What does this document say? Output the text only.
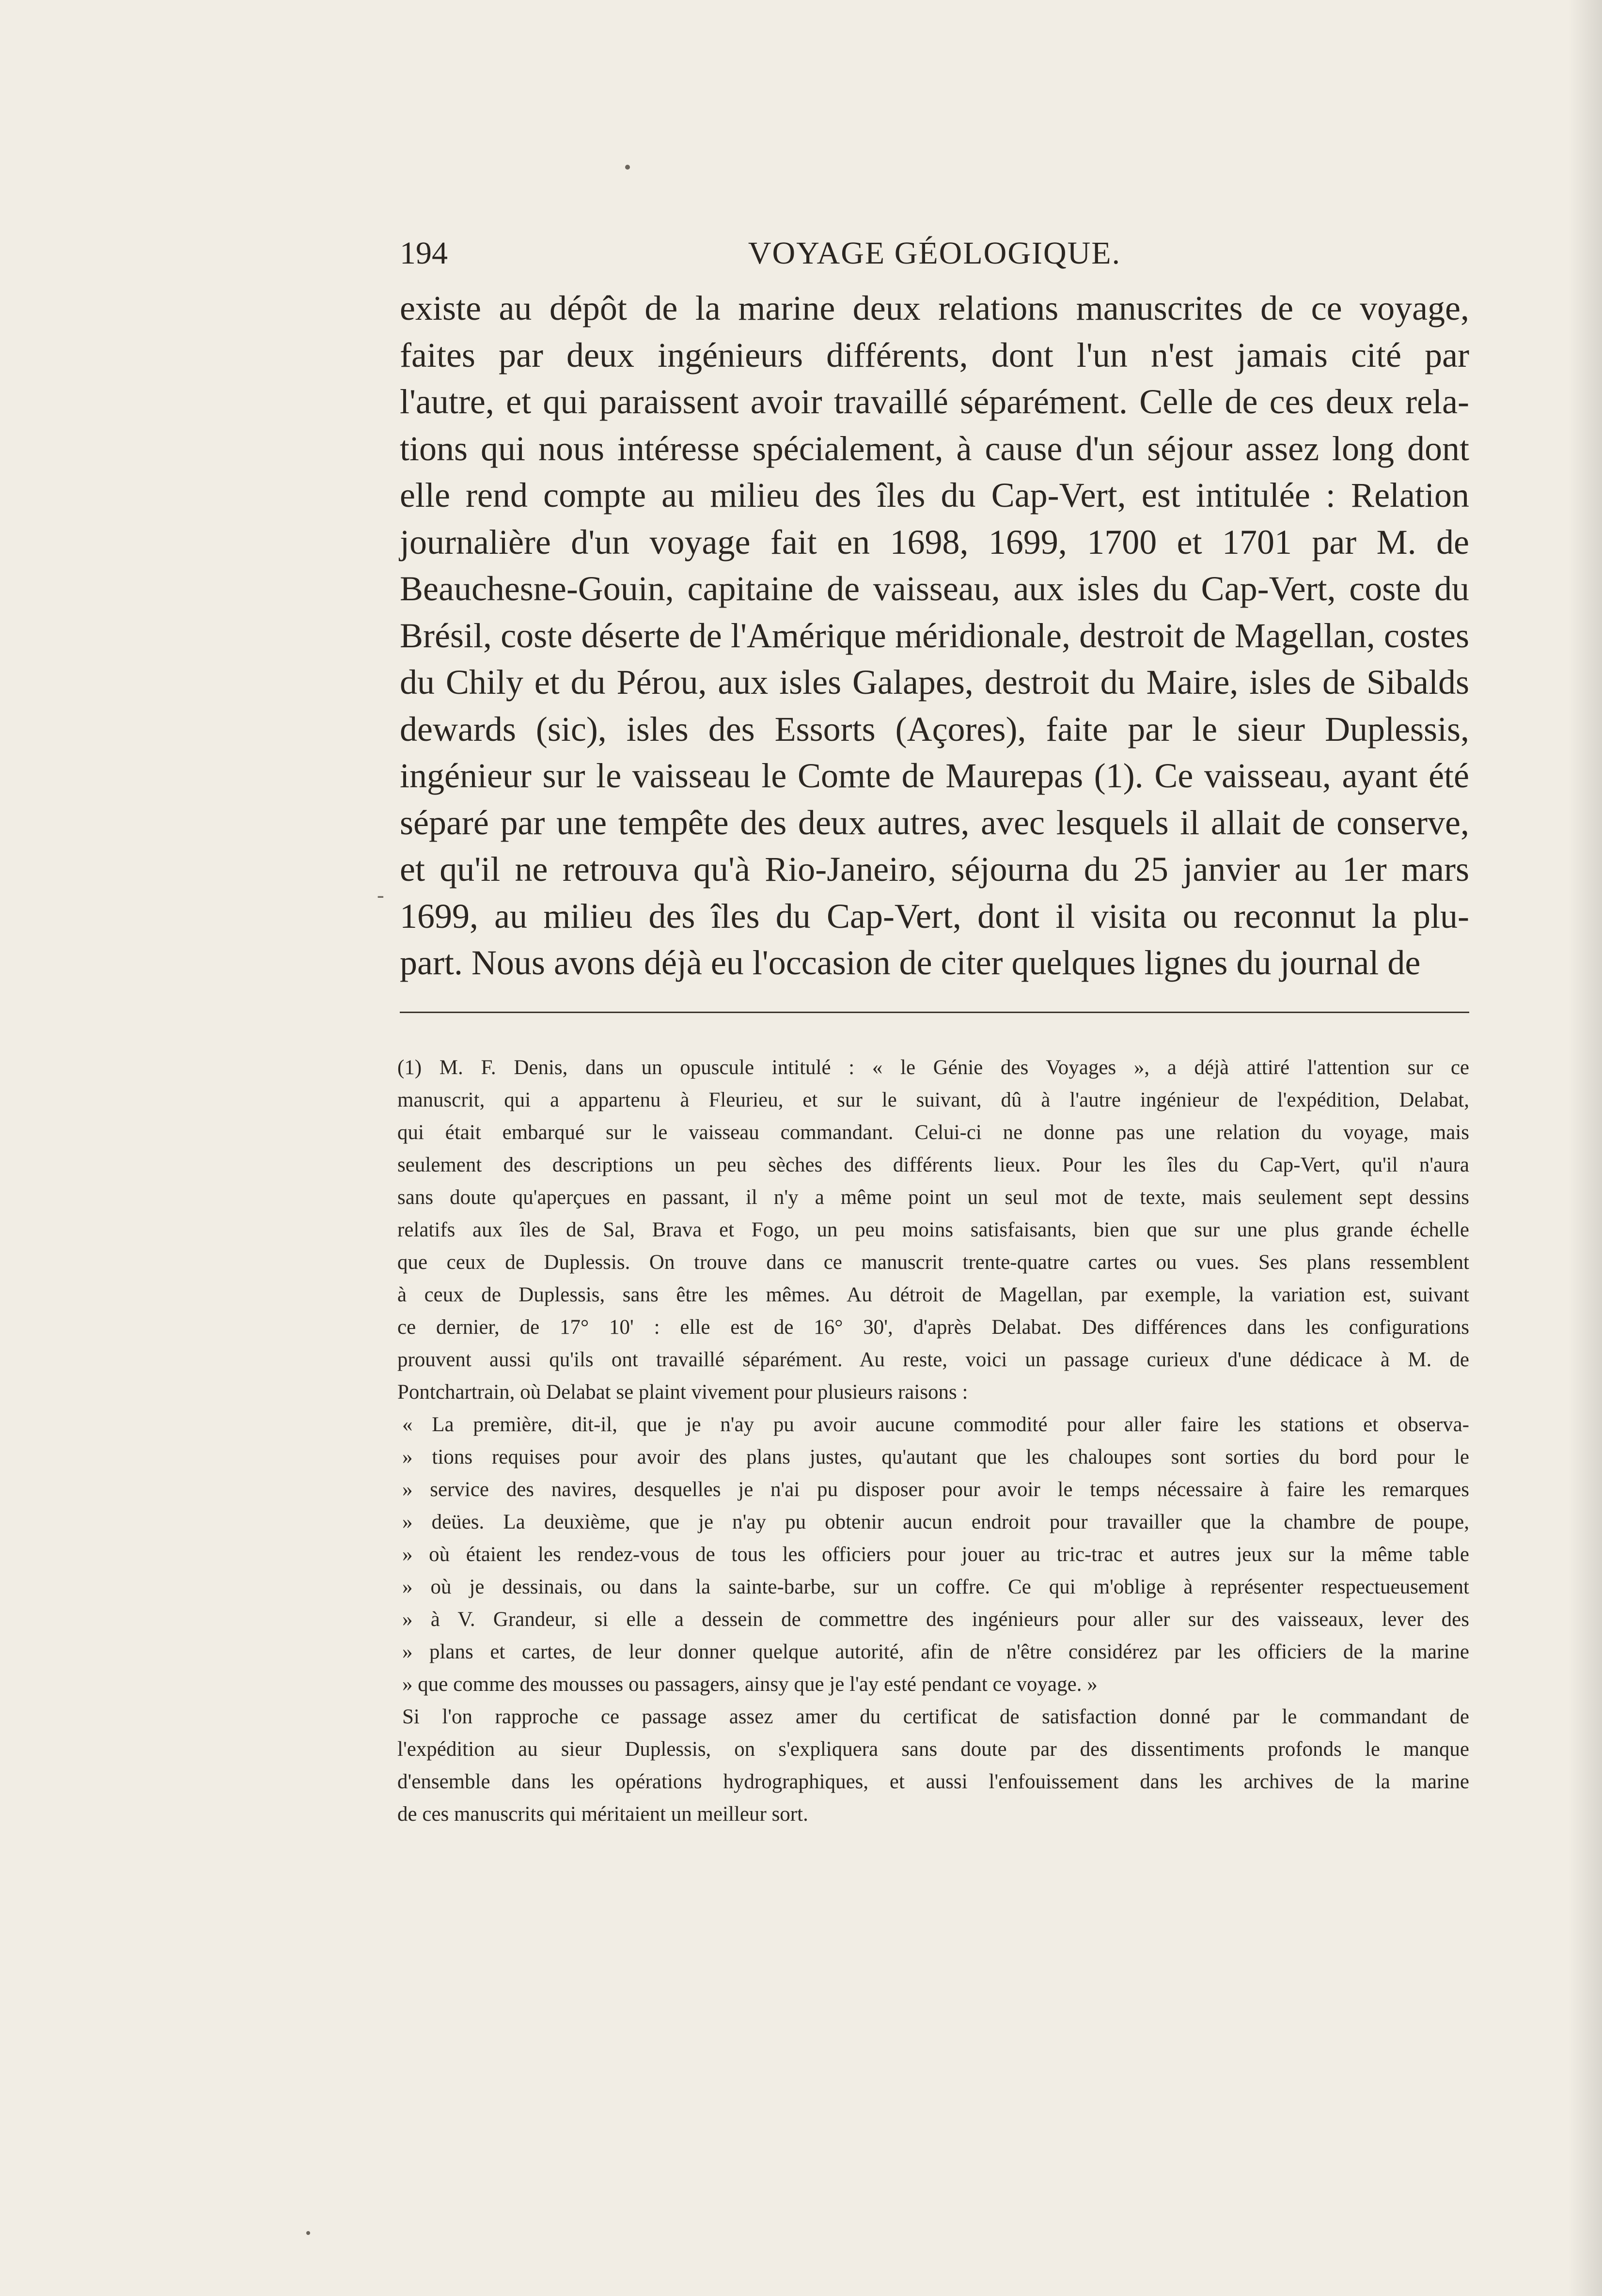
194	VOYAGE GÉOLOGIQUE.
-

existe au dépôt de la marine deux relations manuscrites de ce voyage,

faites par deux ingénieurs différents, dont l'un n'est jamais cité par

l'autre, et qui paraissent avoir travaillé séparément. Celle de ces deux rela-

tions qui nous intéresse spécialement, à cause d'un séjour assez long dont

elle rend compte au milieu des îles du Cap-Vert, est intitulée : Relation

journalière d'un voyage fait en 1698, 1699, 1700 et 1701 par M. de

Beauchesne-Gouin, capitaine de vaisseau, aux isles du Cap-Vert, coste du

Brésil, coste déserte de l'Amérique méridionale, destroit de Magellan, costes

du Chily et du Pérou, aux isles Galapes, destroit du Maire, isles de Sibalds

dewards (sic), isles des Essorts (Açores), faite par le sieur Duplessis,

ingénieur sur le vaisseau le Comte de Maurepas (1). Ce vaisseau, ayant été

séparé par une tempête des deux autres, avec lesquels il allait de conserve,

et qu'il ne retrouva qu'à Rio-Janeiro, séjourna du 25 janvier au 1er mars

1699, au milieu des îles du Cap-Vert, dont il visita ou reconnut la plu-

part. Nous avons déjà eu l'occasion de citer quelques lignes du journal de

(1) M. F. Denis, dans un opuscule intitulé : « le Génie des Voyages », a déjà attiré l'attention sur ce

manuscrit, qui a appartenu à Fleurieu, et sur le suivant, dû à l'autre ingénieur de l'expédition, Delabat,

qui était embarqué sur le vaisseau commandant. Celui-ci ne donne pas une relation du voyage, mais

seulement des descriptions un peu sèches des différents lieux. Pour les îles du Cap-Vert, qu'il n'aura

sans doute qu'aperçues en passant, il n'y a même point un seul mot de texte, mais seulement sept dessins

relatifs aux îles de Sal, Brava et Fogo, un peu moins satisfaisants, bien que sur une plus grande échelle

que ceux de Duplessis. On trouve dans ce manuscrit trente-quatre cartes ou vues. Ses plans ressemblent

à ceux de Duplessis, sans être les mêmes. Au détroit de Magellan, par exemple, la variation est, suivant

ce dernier, de 17° 10' : elle est de 16° 30', d'après Delabat. Des différences dans les configurations

prouvent aussi qu'ils ont travaillé séparément. Au reste, voici un passage curieux d'une dédicace à M. de

Pontchartrain, où Delabat se plaint vivement pour plusieurs raisons :

« La première, dit-il, que je n'ay pu avoir aucune commodité pour aller faire les stations et observa-

» tions requises pour avoir des plans justes, qu'autant que les chaloupes sont sorties du bord pour le

» service des navires, desquelles je n'ai pu disposer pour avoir le temps nécessaire à faire les remarques

» deües. La deuxième, que je n'ay pu obtenir aucun endroit pour travailler que la chambre de poupe,

» où étaient les rendez-vous de tous les officiers pour jouer au tric-trac et autres jeux sur la même table

» où je dessinais, ou dans la sainte-barbe, sur un coffre. Ce qui m'oblige à représenter respectueusement

» à V. Grandeur, si elle a dessein de commettre des ingénieurs pour aller sur des vaisseaux, lever des

» plans et cartes, de leur donner quelque autorité, afin de n'être considérez par les officiers de la marine

» que comme des mousses ou passagers, ainsy que je l'ay esté pendant ce voyage. »

Si l'on rapproche ce passage assez amer du certificat de satisfaction donné par le commandant de

l'expédition au sieur Duplessis, on s'expliquera sans doute par des dissentiments profonds le manque

d'ensemble dans les opérations hydrographiques, et aussi l'enfouissement dans les archives de la marine

de ces manuscrits qui méritaient un meilleur sort.
